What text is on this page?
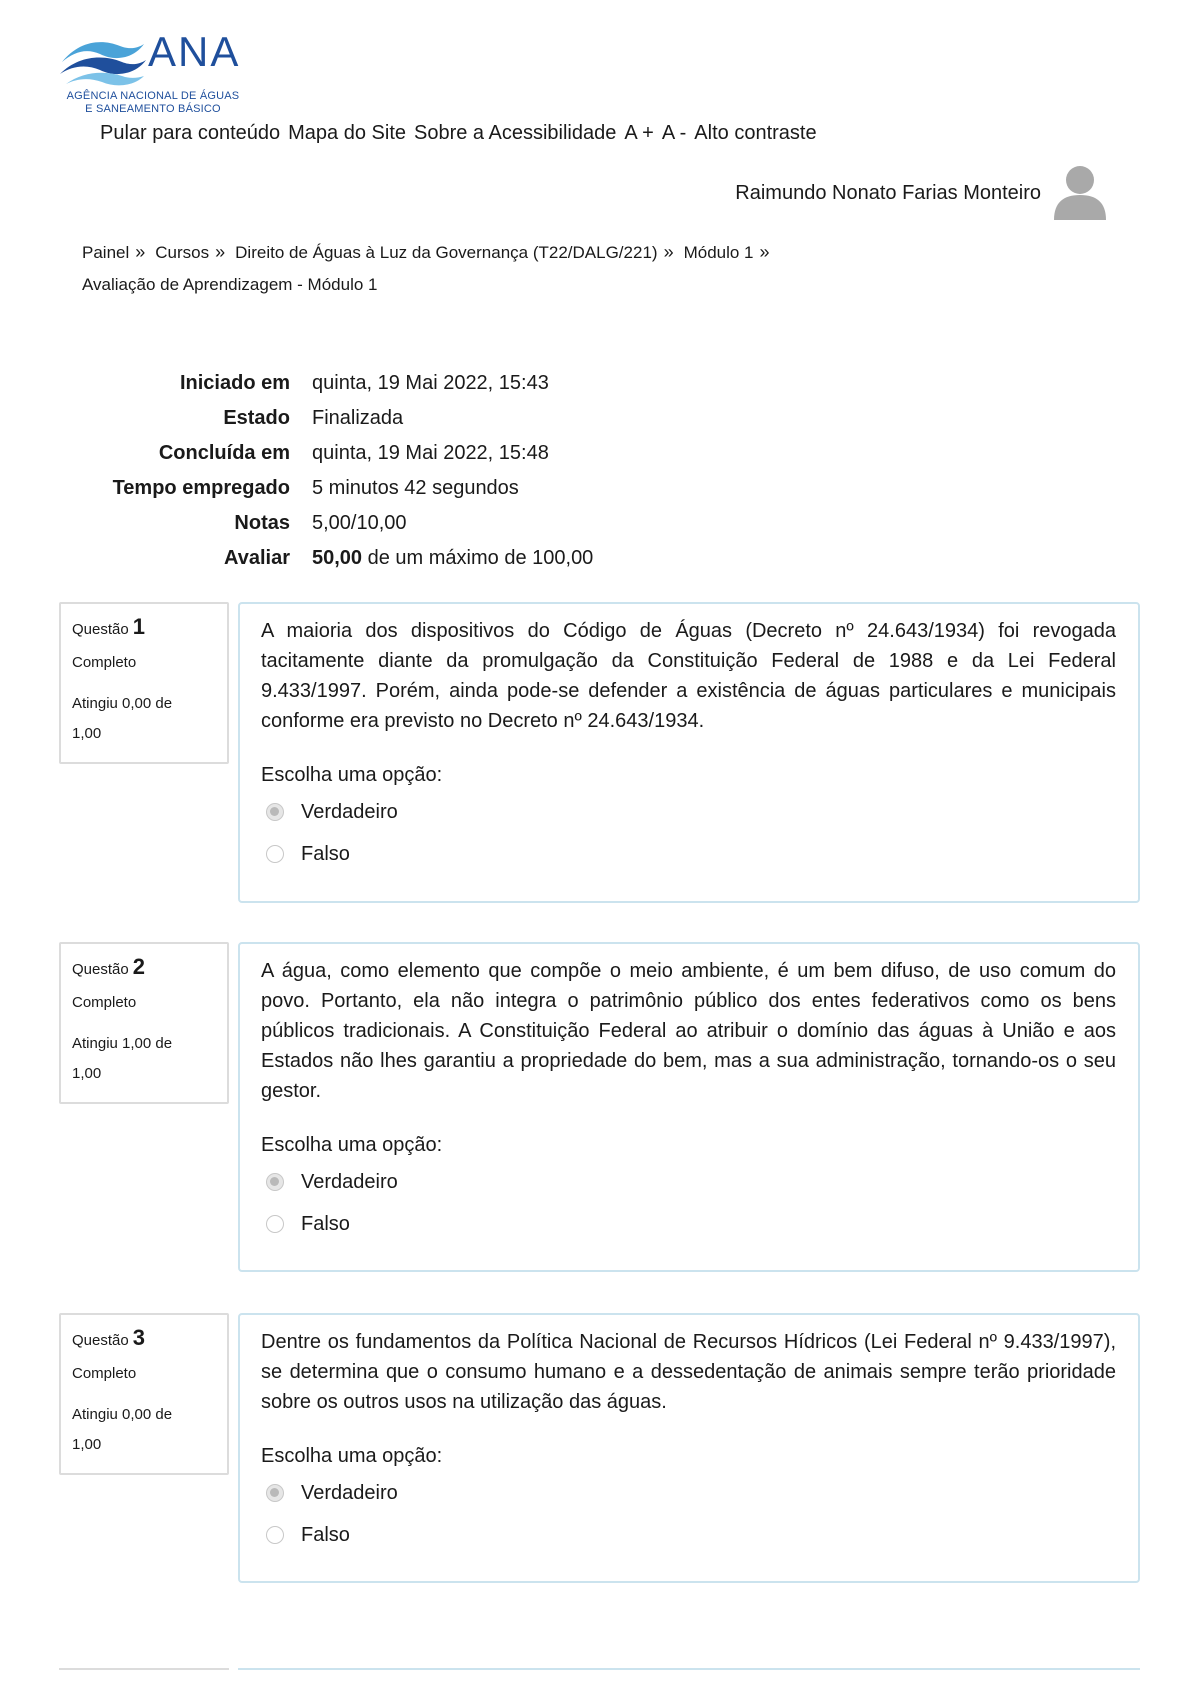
ANA
AGÊNCIA NACIONAL DE ÁGUAS
E SANEAMENTO BÁSICO
Pular para conteúdo Mapa do Site Sobre a Acessibilidade A + A - Alto contraste
Raimundo Nonato Farias Monteiro
Painel » Cursos » Direito de Águas à Luz da Governança (T22/DALG/221) » Módulo 1 »
Avaliação de Aprendizagem - Módulo 1
Iniciado em	quinta, 19 Mai 2022, 15:43
Estado	Finalizada
Concluída em	quinta, 19 Mai 2022, 15:48
Tempo empregado	5 minutos 42 segundos
Notas	5,00/10,00
Avaliar	50,00 de um máximo de 100,00
Questão 1
Completo
Atingiu 0,00 de
1,00

A maioria dos dispositivos do Código de Águas (Decreto nº 24.643/1934) foi revogada tacitamente diante da promulgação da Constituição Federal de 1988 e da Lei Federal 9.433/1997. Porém, ainda pode-se defender a existência de águas particulares e municipais conforme era previsto no Decreto nº 24.643/1934.

Escolha uma opção:
Verdadeiro
Falso
Questão 2
Completo
Atingiu 1,00 de
1,00

A água, como elemento que compõe o meio ambiente, é um bem difuso, de uso comum do povo. Portanto, ela não integra o patrimônio público dos entes federativos como os bens públicos tradicionais. A Constituição Federal ao atribuir o domínio das águas à União e aos Estados não lhes garantiu a propriedade do bem, mas a sua administração, tornando-os o seu gestor.

Escolha uma opção:
Verdadeiro
Falso
Questão 3
Completo
Atingiu 0,00 de
1,00

Dentre os fundamentos da Política Nacional de Recursos Hídricos (Lei Federal nº 9.433/1997), se determina que o consumo humano e a dessedentação de animais sempre terão prioridade sobre os outros usos na utilização das águas.

Escolha uma opção:
Verdadeiro
Falso
